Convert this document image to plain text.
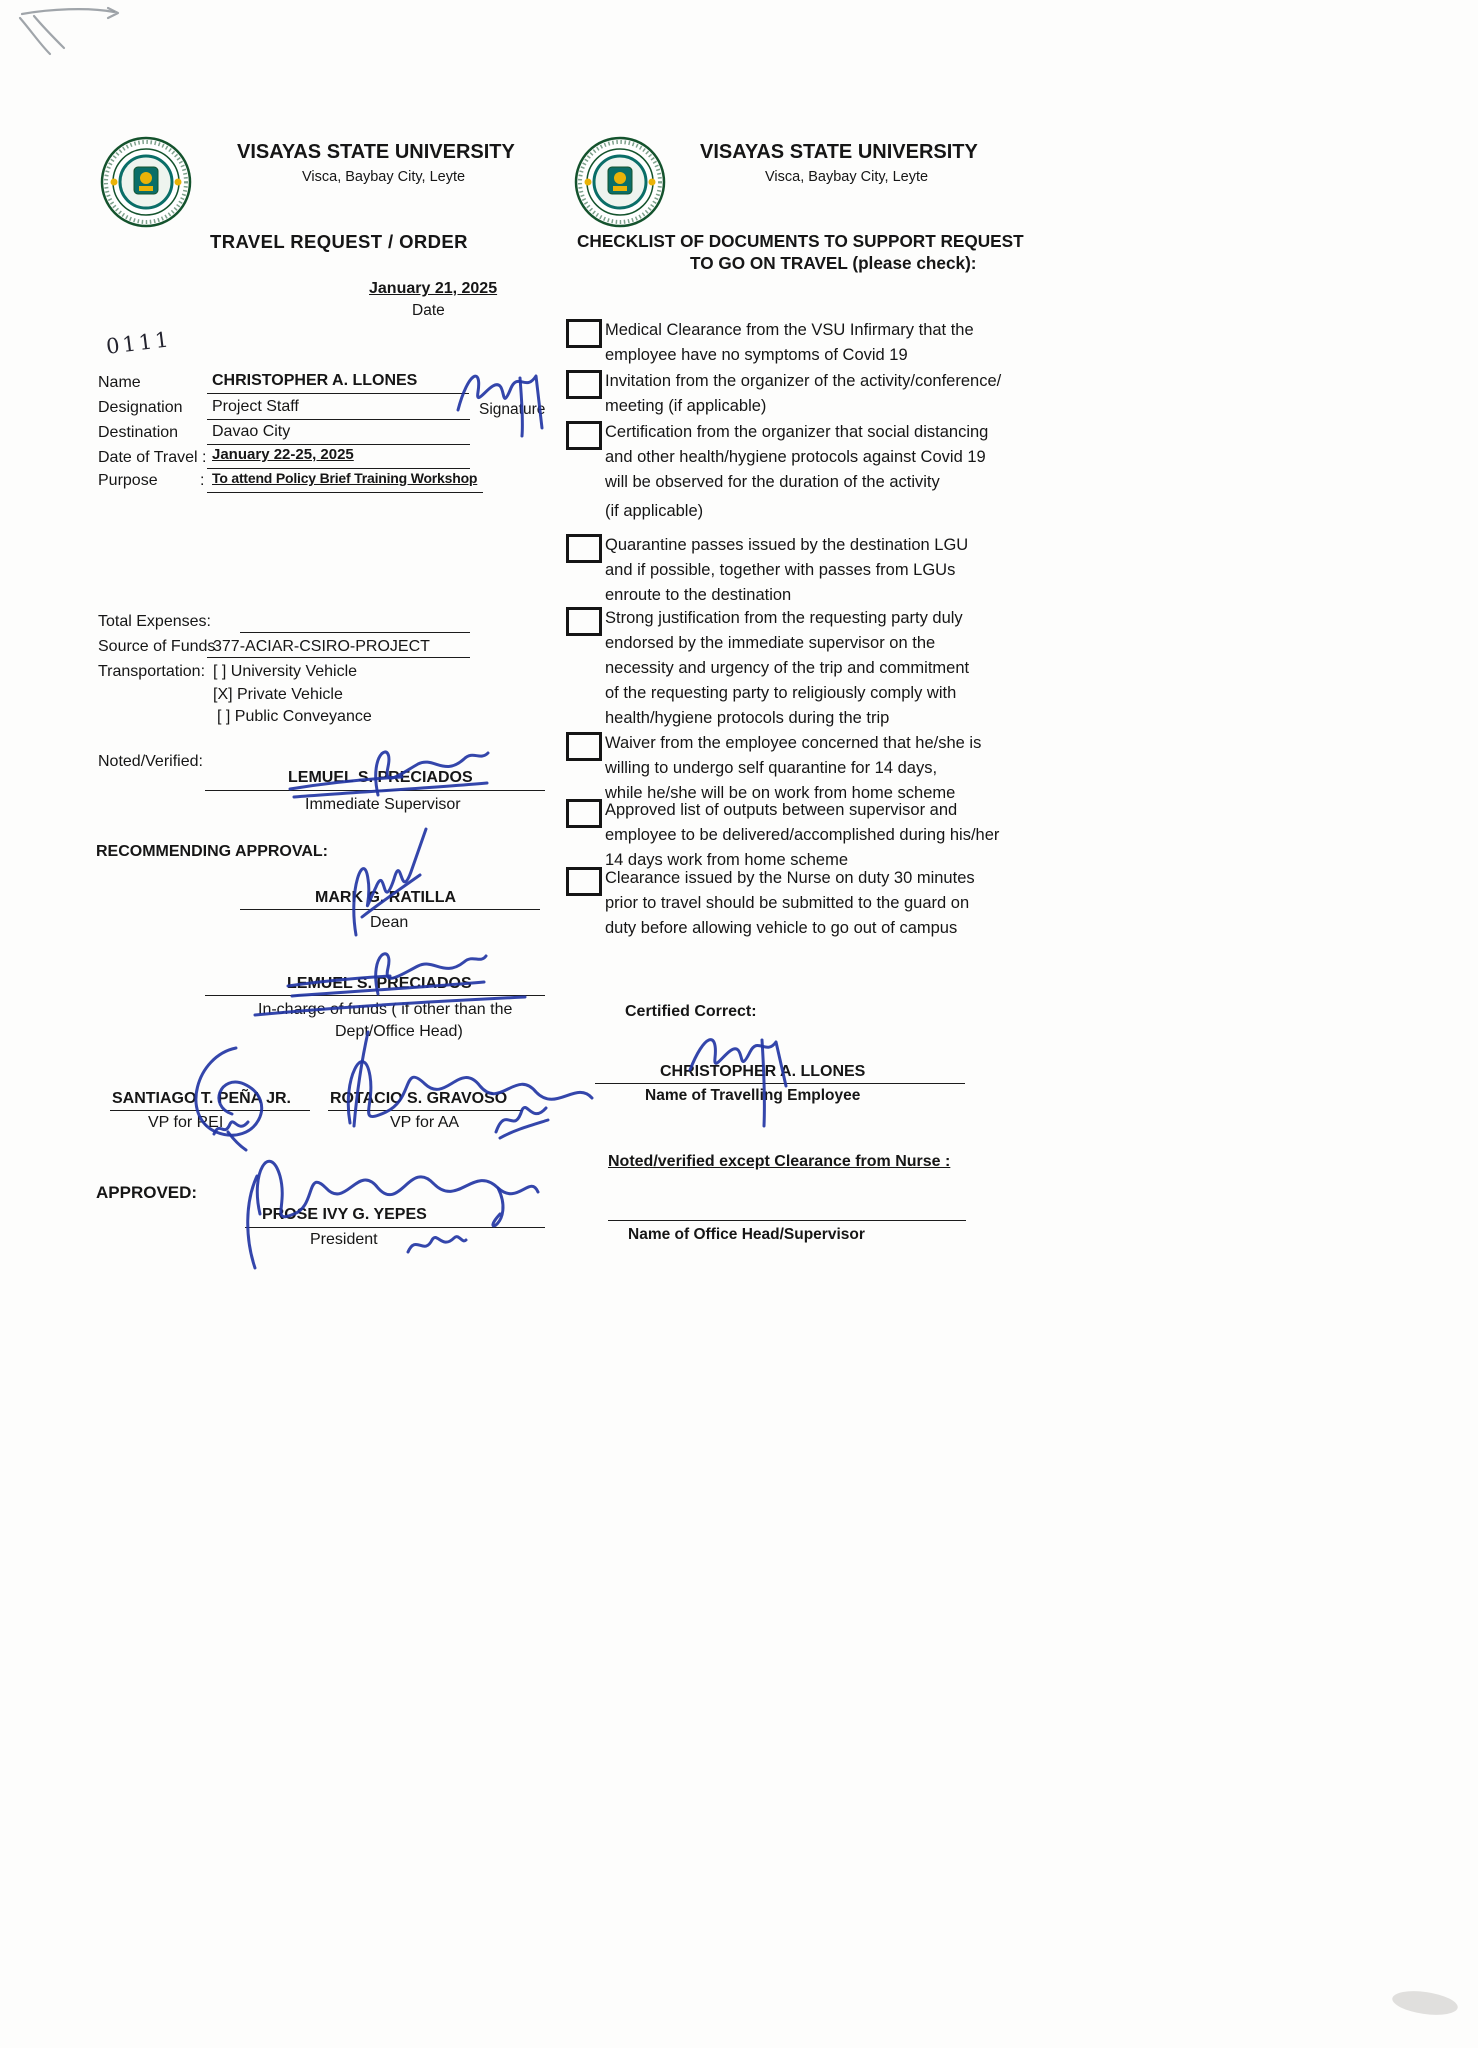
VISAYAS STATE UNIVERSITY
Visca, Baybay City, Leyte
TRAVEL REQUEST / ORDER
January 21, 2025
Date
0111
Name	CHRISTOPHER A. LLONES
Designation Project Staff	Signature
Destination Davao City
Date of Travel : January 22-25, 2025
Purpose	: To attend Policy Brief Training Workshop
Total Expenses:
Source of Funds
377-ACIAR-CSIRO-PROJECT
Transportation: [ ] University Vehicle
[X] Private Vehicle
[ ] Public Conveyance
Noted/Verified:
LEMUEL S. PRECIADOS
Immediate Supervisor
RECOMMENDING APPROVAL:
MARK G. RATILLA
Dean
LEMUEL S. PRECIADOS
In-charge of funds ( if other than the
Dept/Office Head)
SANTIAGO T. PEÑA JR.
VP for REI
ROTACIO S. GRAVOSO
VP for AA
APPROVED:
PROSE IVY G. YEPES
President
VISAYAS STATE UNIVERSITY
Visca, Baybay City, Leyte
CHECKLIST OF DOCUMENTS TO SUPPORT REQUEST
TO GO ON TRAVEL (please check):
Medical Clearance from the VSU Infirmary that the
employee have no symptoms of Covid 19
Invitation from the organizer of the activity/conference/
meeting (if applicable)
Certification from the organizer that social distancing
and other health/hygiene protocols against Covid 19
will be observed for the duration of the activity
(if applicable)
Quarantine passes issued by the destination LGU
and if possible, together with passes from LGUs
enroute to the destination
Strong justification from the requesting party duly
endorsed by the immediate supervisor on the
necessity and urgency of the trip and commitment
of the requesting party to religiously comply with
health/hygiene protocols during the trip
Waiver from the employee concerned that he/she is
willing to undergo self quarantine for 14 days,
while he/she will be on work from home scheme
Approved list of outputs between supervisor and
employee to be delivered/accomplished during his/her
14 days work from home scheme
Clearance issued by the Nurse on duty 30 minutes
prior to travel should be submitted to the guard on
duty before allowing vehicle to go out of campus
Certified Correct:
CHRISTOPHER A. LLONES
Name of Travelling Employee
Noted/verified except Clearance from Nurse :
Name of Office Head/Supervisor
